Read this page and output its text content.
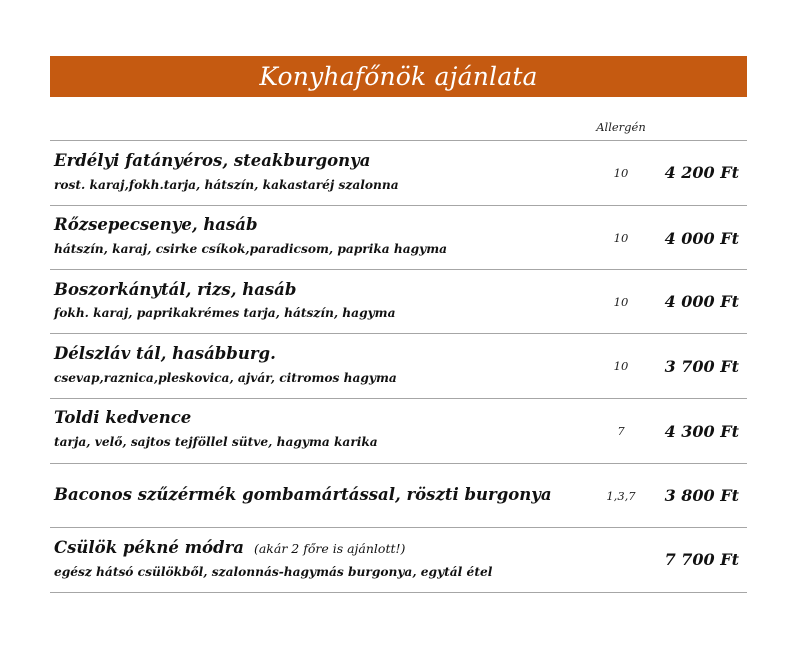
Konyhafőnök ajánlata
Allergén
Erdélyi fatányéros, steakburgonya
rost. karaj,fokh.tarja, hátszín, kakastaréj szalonna
10	4 200 Ft
Rőzsepecsenye, hasáb
hátszín, karaj, csirke csíkok,paradicsom, paprika hagyma
10	4 000 Ft
Boszorkánytál, rizs, hasáb
fokh. karaj, paprikakrémes tarja, hátszín, hagyma
10	4 000 Ft
Délszláv tál, hasábburg.
csevap,raznica,pleskovica, ajvár, citromos hagyma
10	3 700 Ft
Toldi kedvence
tarja, velő, sajtos tejföllel sütve, hagyma karika
7	4 300 Ft
Baconos szűzérmék gombamártással, röszti burgonya	1,3,7	3 800 Ft
Csülök pékné módra (akár 2 főre is ajánlott!)
egész hátsó csülökből, szalonnás-hagymás burgonya, egytál étel
7 700 Ft
